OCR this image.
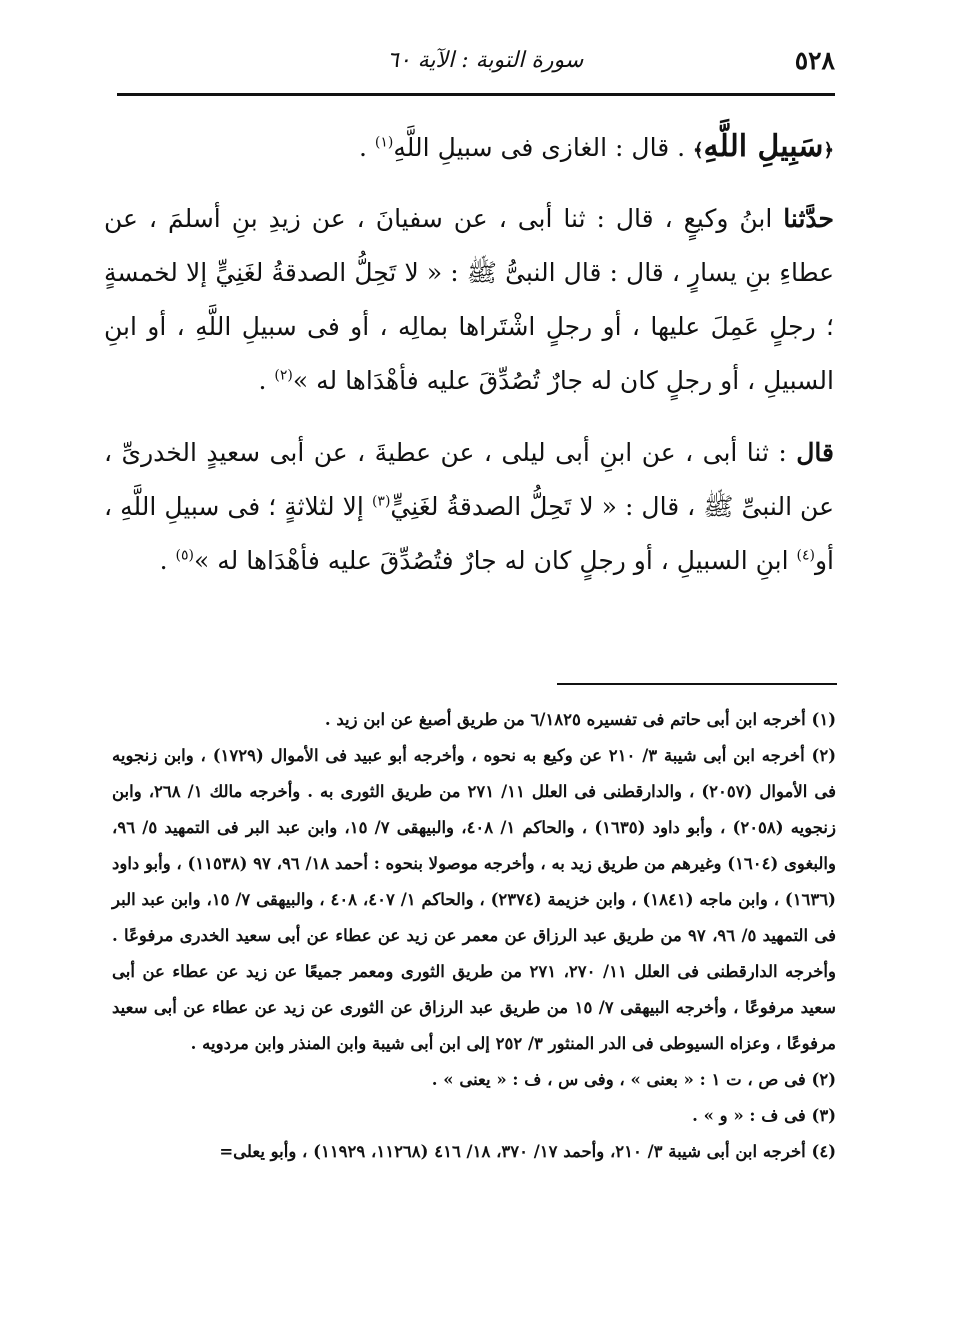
٥٢٨
سورة التوبة : الآية ٦٠

﴿سَبِيلِ اللَّهِ﴾ . قال : الغازى فى سبيلِ اللَّهِ$^{(١)}$ .

حدَّثنا ابنُ وكيعٍ ، قال : ثنا أبى ، عن سفيانَ ، عن زيدِ بنِ أسلمَ ، عن عطاءِ بنِ يسارٍ ، قال : قال النبىُّ ﷺ : « لا تَحِلُّ الصدقةُ لغَنِيٍّ إلا لخمسةٍ ؛ رجلٍ عَمِلَ عليها ، أو رجلٍ اشْتَراها بمالِه ، أو فى سبيلِ اللَّهِ ، أو ابنِ السبيلِ ، أو رجلٍ كان له جارٌ تُصُدِّقَ عليه فأهْدَاها له »$^{(٢)}$ .

قال : ثنا أبى ، عن ابنِ أبى ليلى ، عن عطيةَ ، عن أبى سعيدٍ الخدرىِّ ، عن النبىِّ ﷺ ، قال : « لا تَحِلُّ الصدقةُ لغَنِيٍّ$^{(٣)}$ إلا لثلاثةٍ ؛ فى سبيلِ اللَّهِ ، أو$^{(٤)}$ ابنِ السبيلِ ، أو رجلٍ كان له جارٌ فتُصُدِّقَ عليه فأهْدَاها له »$^{(٥)}$ .

(١) أخرجه ابن أبى حاتم فى تفسيره ٦/١٨٢٥ من طريق أصبغ عن ابن زيد .

(٢) أخرجه ابن أبى شيبة ٣/ ٢١٠ عن وكيع به نحوه ، وأخرجه أبو عبيد فى الأموال (١٧٢٩) ، وابن زنجويه فى الأموال (٢٠٥٧) ، والدارقطنى فى العلل ١١/ ٢٧١ من طريق الثورى به . وأخرجه مالك ١/ ٢٦٨، وابن زنجويه (٢٠٥٨) ، وأبو داود (١٦٣٥) ، والحاكم ١/ ٤٠٨، والبيهقى ٧/ ١٥، وابن عبد البر فى التمهيد ٥/ ٩٦، والبغوى (١٦٠٤) وغيرهم من طريق زيد به ، وأخرجه موصولا بنحوه : أحمد ١٨/ ٩٦، ٩٧ (١١٥٣٨) ، وأبو داود (١٦٣٦) ، وابن ماجه (١٨٤١) ، وابن خزيمة (٢٣٧٤) ، والحاكم ١/ ٤٠٧، ٤٠٨ ، والبيهقى ٧/ ١٥، وابن عبد البر فى التمهيد ٥/ ٩٦، ٩٧ من طريق عبد الرزاق عن معمر عن زيد عن عطاء عن أبى سعيد الخدرى مرفوعًا . وأخرجه الدارقطنى فى العلل ١١/ ٢٧٠، ٢٧١ من طريق الثورى ومعمر جميعًا عن زيد عن عطاء عن أبى سعيد مرفوعًا ، وأخرجه البيهقى ٧/ ١٥ من طريق عبد الرزاق عن الثورى عن زيد عن عطاء عن أبى سعيد مرفوعًا ، وعزاه السيوطى فى الدر المنثور ٣/ ٢٥٢ إلى ابن أبى شيبة وابن المنذر وابن مردويه .

(٢) فى ص ، ت ١ : « بعنى » ، وفى س ، ف : « يعنى » .

(٣) فى ف : « و » .

(٤) أخرجه ابن أبى شيبة ٣/ ٢١٠، وأحمد ١٧/ ٣٧٠، ١٨/ ٤١٦ (١١٢٦٨، ١١٩٢٩) ، وأبو يعلى=
